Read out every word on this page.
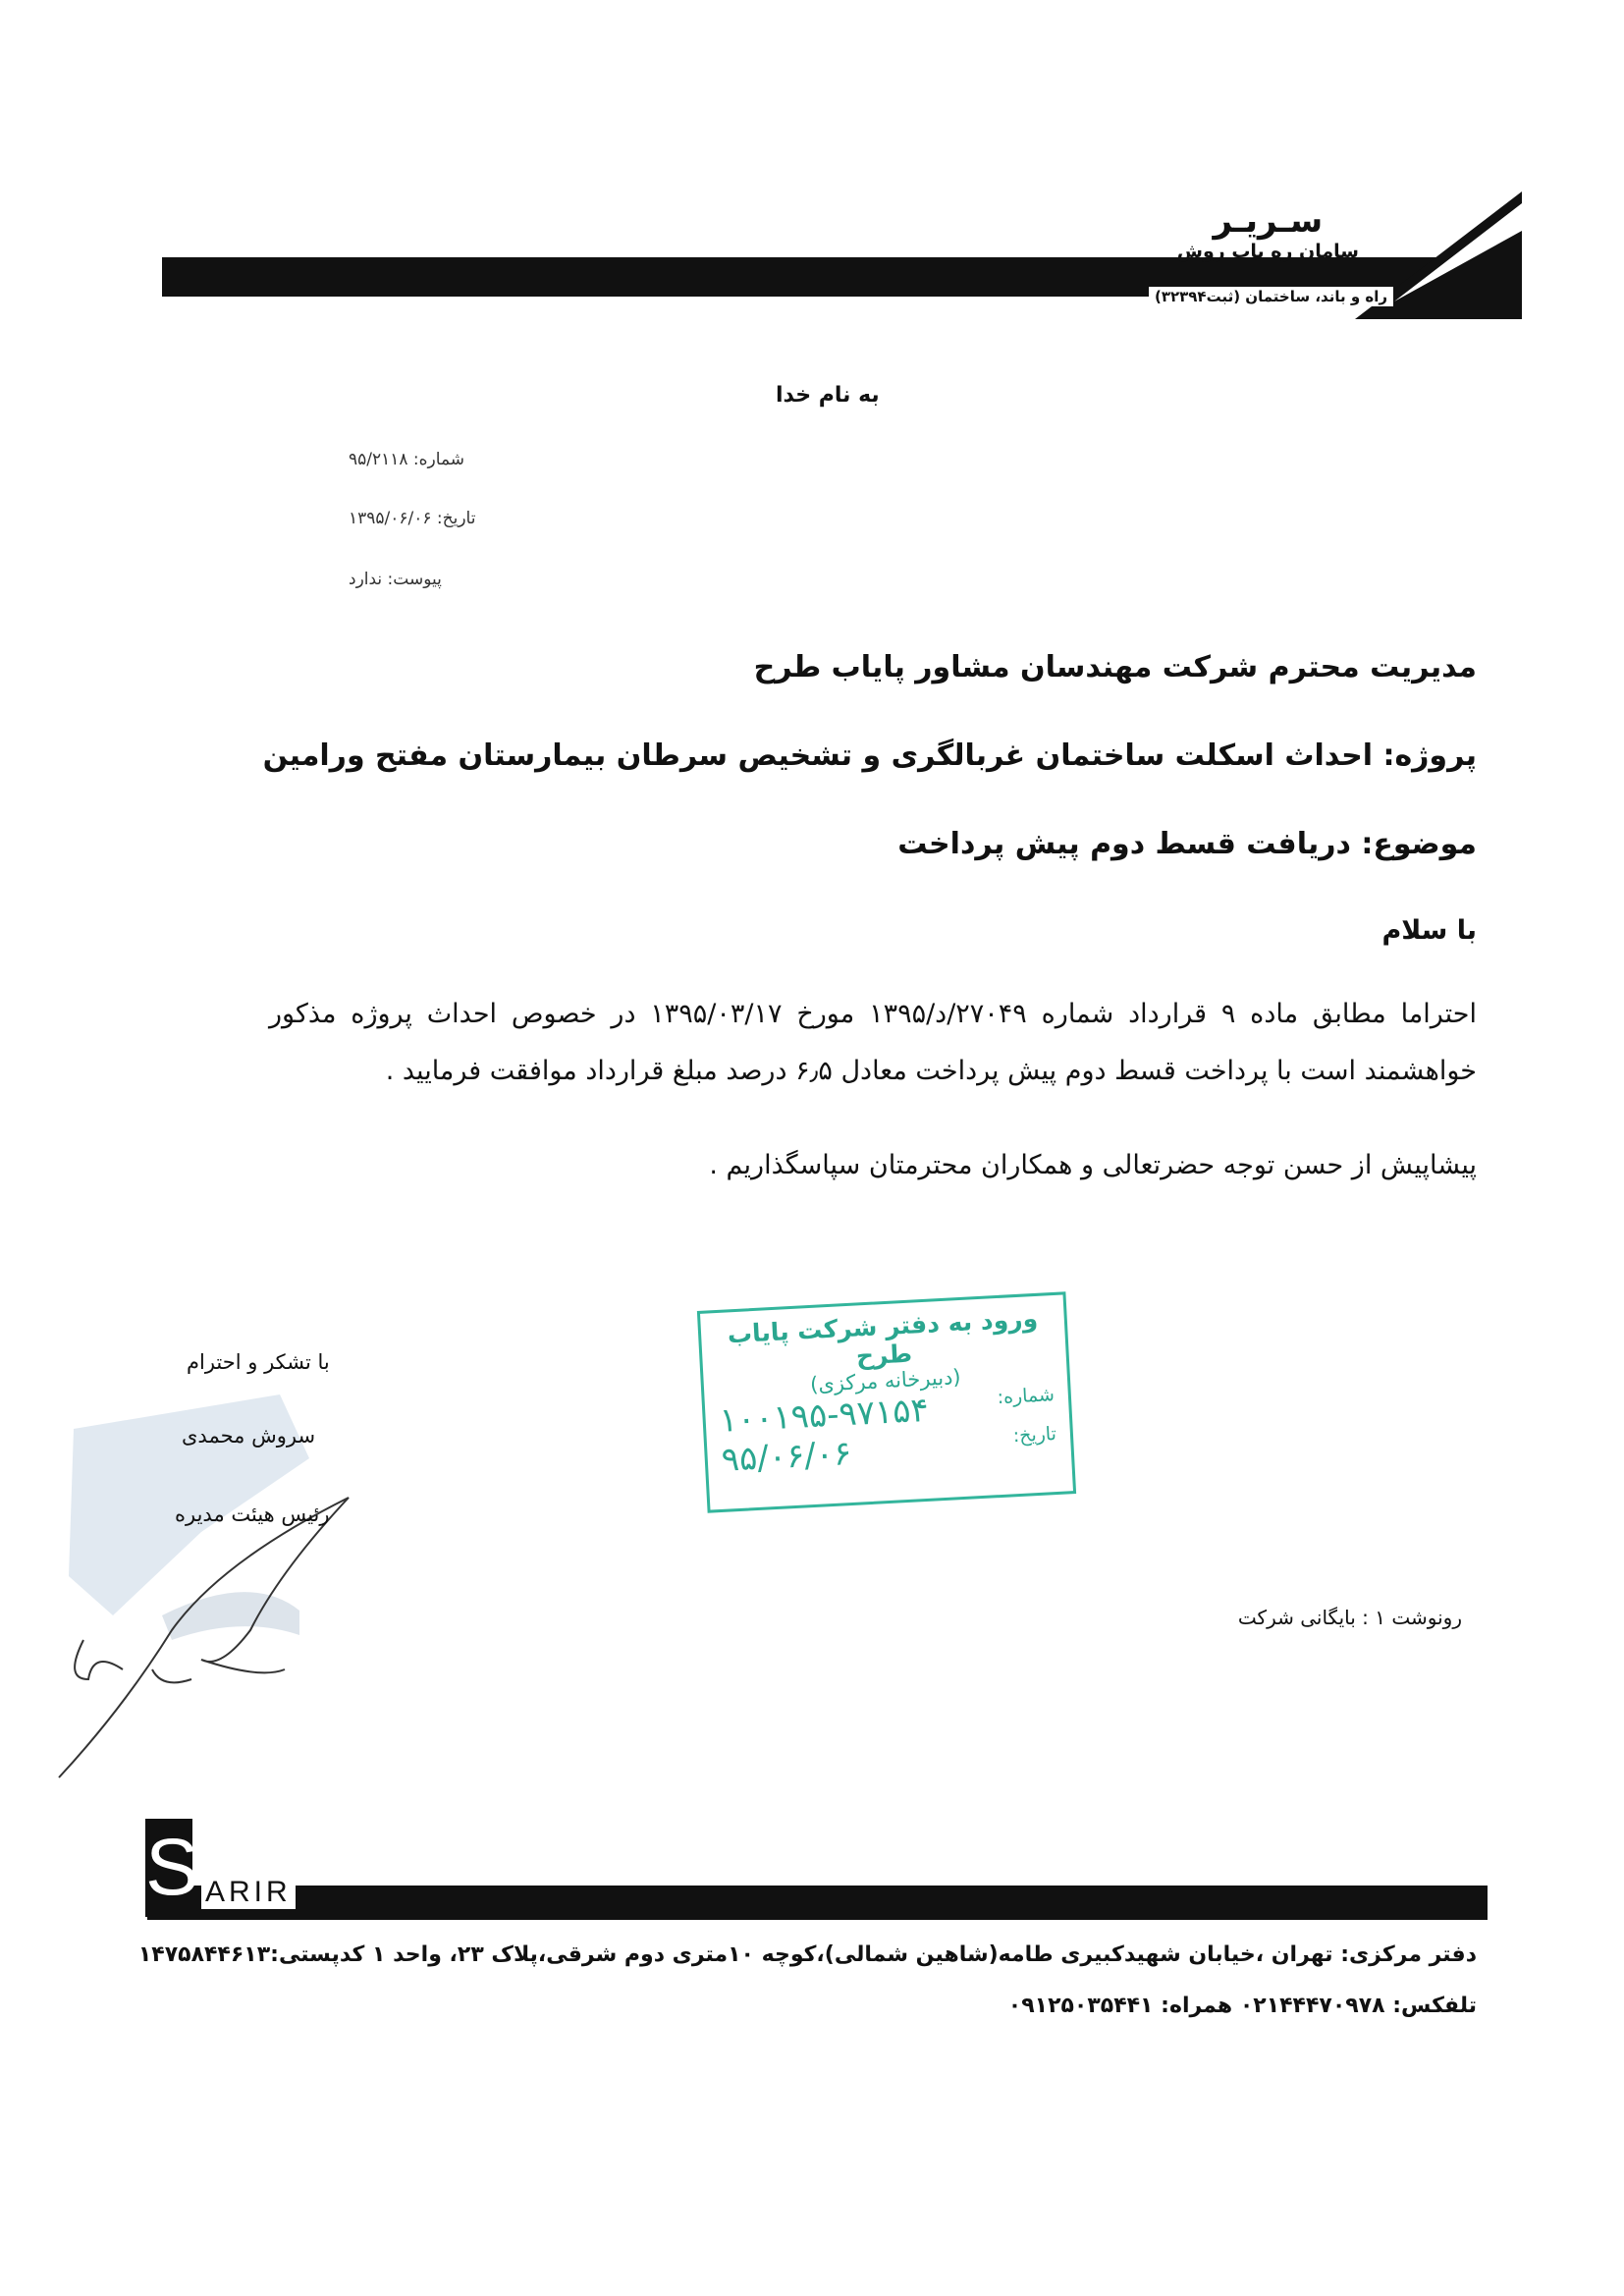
سـریـر
سامان ره یاب روش
راه و باند، ساختمان (ثبت۳۲۳۹۴)
به نام خدا
شماره: ۹۵/۲۱۱۸
تاریخ: ۱۳۹۵/۰۶/۰۶
پیوست: ندارد
مدیریت محترم شرکت مهندسان مشاور پایاب طرح
پروژه: احداث اسکلت ساختمان غربالگری و تشخیص سرطان بیمارستان مفتح ورامین
موضوع: دریافت قسط دوم پیش پرداخت
با سلام
احتراما مطابق ماده ۹ قرارداد شماره ۲۷۰۴۹/د/۱۳۹۵ مورخ ۱۳۹۵/۰۳/۱۷ در خصوص احداث پروژه مذکور خواهشمند است با پرداخت قسط دوم پیش پرداخت معادل ۶٫۵ درصد مبلغ قرارداد موافقت فرمایید .
پیشاپیش از حسن توجه حضرتعالی و همکاران محترمتان سپاسگذاریم .
ورود به دفتر شرکت پایاب طرح
(دبیرخانه مرکزی)	شماره:
۱۰۰۱۹۵-۹۷۱۵۴	تاریخ:
۹۵/۰۶/۰۶
با تشکر و احترام
سروش محمدی
رئیس هیئت مدیره
رونوشت ۱ : بایگانی شرکت
S ARIR
دفتر مرکزی: تهران ،خیابان شهیدکبیری طامه(شاهین شمالی)،کوچه ۱۰متری دوم شرقی،پلاک ۲۳، واحد ۱ کدپستی:۱۴۷۵۸۴۴۶۱۳
تلفکس: ۰۲۱۴۴۴۷۰۹۷۸ همراه: ۰۹۱۲۵۰۳۵۴۴۱
